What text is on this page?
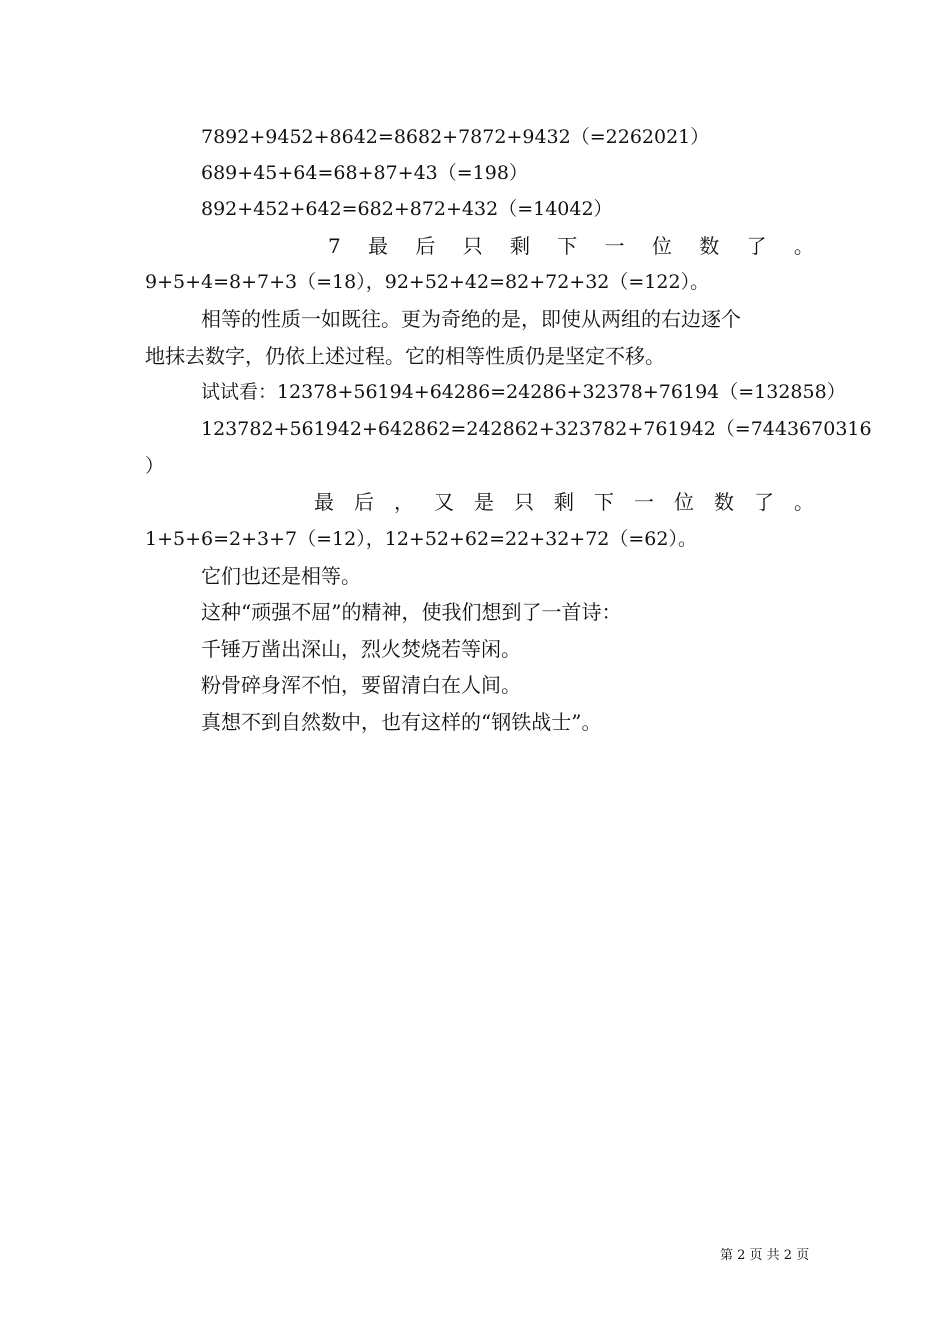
7892+9452+8642=8682+7872+9432（=2262021）
689+45+64=68+87+43（=198）
892+452+642=682+872+432（=14042）
7 最 后 只 剩 下 一 位 数 了 。
9+5+4=8+7+3（=18），92+52+42=82+72+32（=122）。
相等的性质一如既往。更为奇绝的是，即使从两组的右边逐个
地抹去数字，仍依上述过程。它的相等性质仍是坚定不移。
试试看：12378+56194+64286=24286+32378+76194（=132858）
123782+561942+642862=242862+323782+761942（=7443670316
）
最 后 ， 又 是 只 剩 下 一 位 数 了 。
1+5+6=2+3+7（=12），12+52+62=22+32+72（=62）。
它们也还是相等。
这种“顽强不屈”的精神，使我们想到了一首诗：
千锤万凿出深山，烈火焚烧若等闲。
粉骨碎身浑不怕，要留清白在人间。
真想不到自然数中，也有这样的“钢铁战士”。
第 2 页 共 2 页
